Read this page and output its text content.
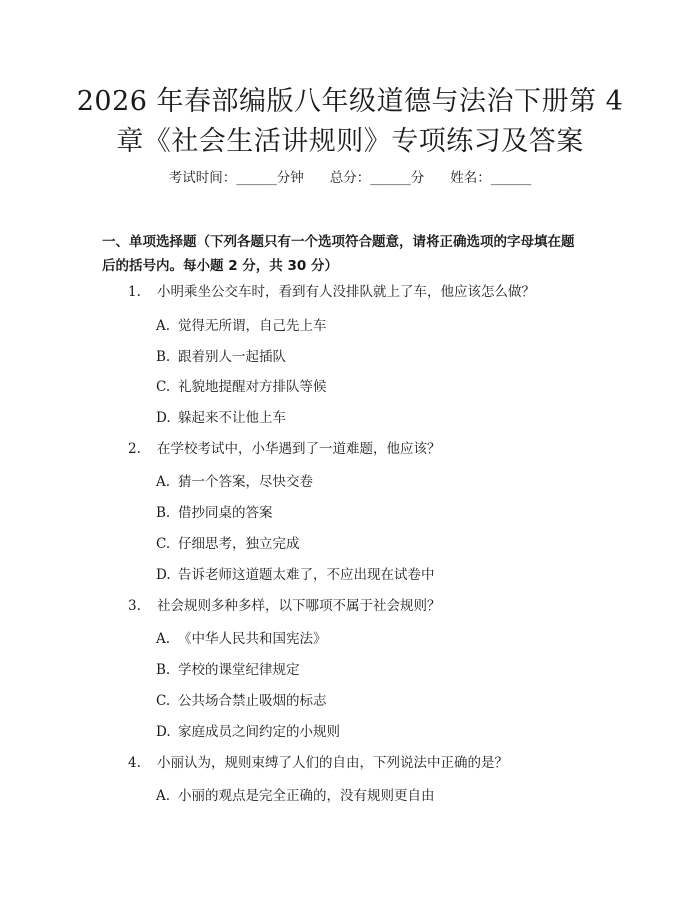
2026 年春部编版八年级道德与法治下册第 4
章《社会生活讲规则》专项练习及答案
考试时间：______分钟 总分：______分 姓名：______
一、单项选择题（下列各题只有一个选项符合题意，请将正确选项的字母填在题
后的括号内。每小题 2 分，共 30 分）
1. 小明乘坐公交车时，看到有人没排队就上了车，他应该怎么做？
A. 觉得无所谓，自己先上车
B. 跟着别人一起插队
C. 礼貌地提醒对方排队等候
D. 躲起来不让他上车
2. 在学校考试中，小华遇到了一道难题，他应该？
A. 猜一个答案，尽快交卷
B. 借抄同桌的答案
C. 仔细思考，独立完成
D. 告诉老师这道题太难了，不应出现在试卷中
3. 社会规则多种多样，以下哪项不属于社会规则？
A. 《中华人民共和国宪法》
B. 学校的课堂纪律规定
C. 公共场合禁止吸烟的标志
D. 家庭成员之间约定的小规则
4. 小丽认为，规则束缚了人们的自由，下列说法中正确的是？
A. 小丽的观点是完全正确的，没有规则更自由
